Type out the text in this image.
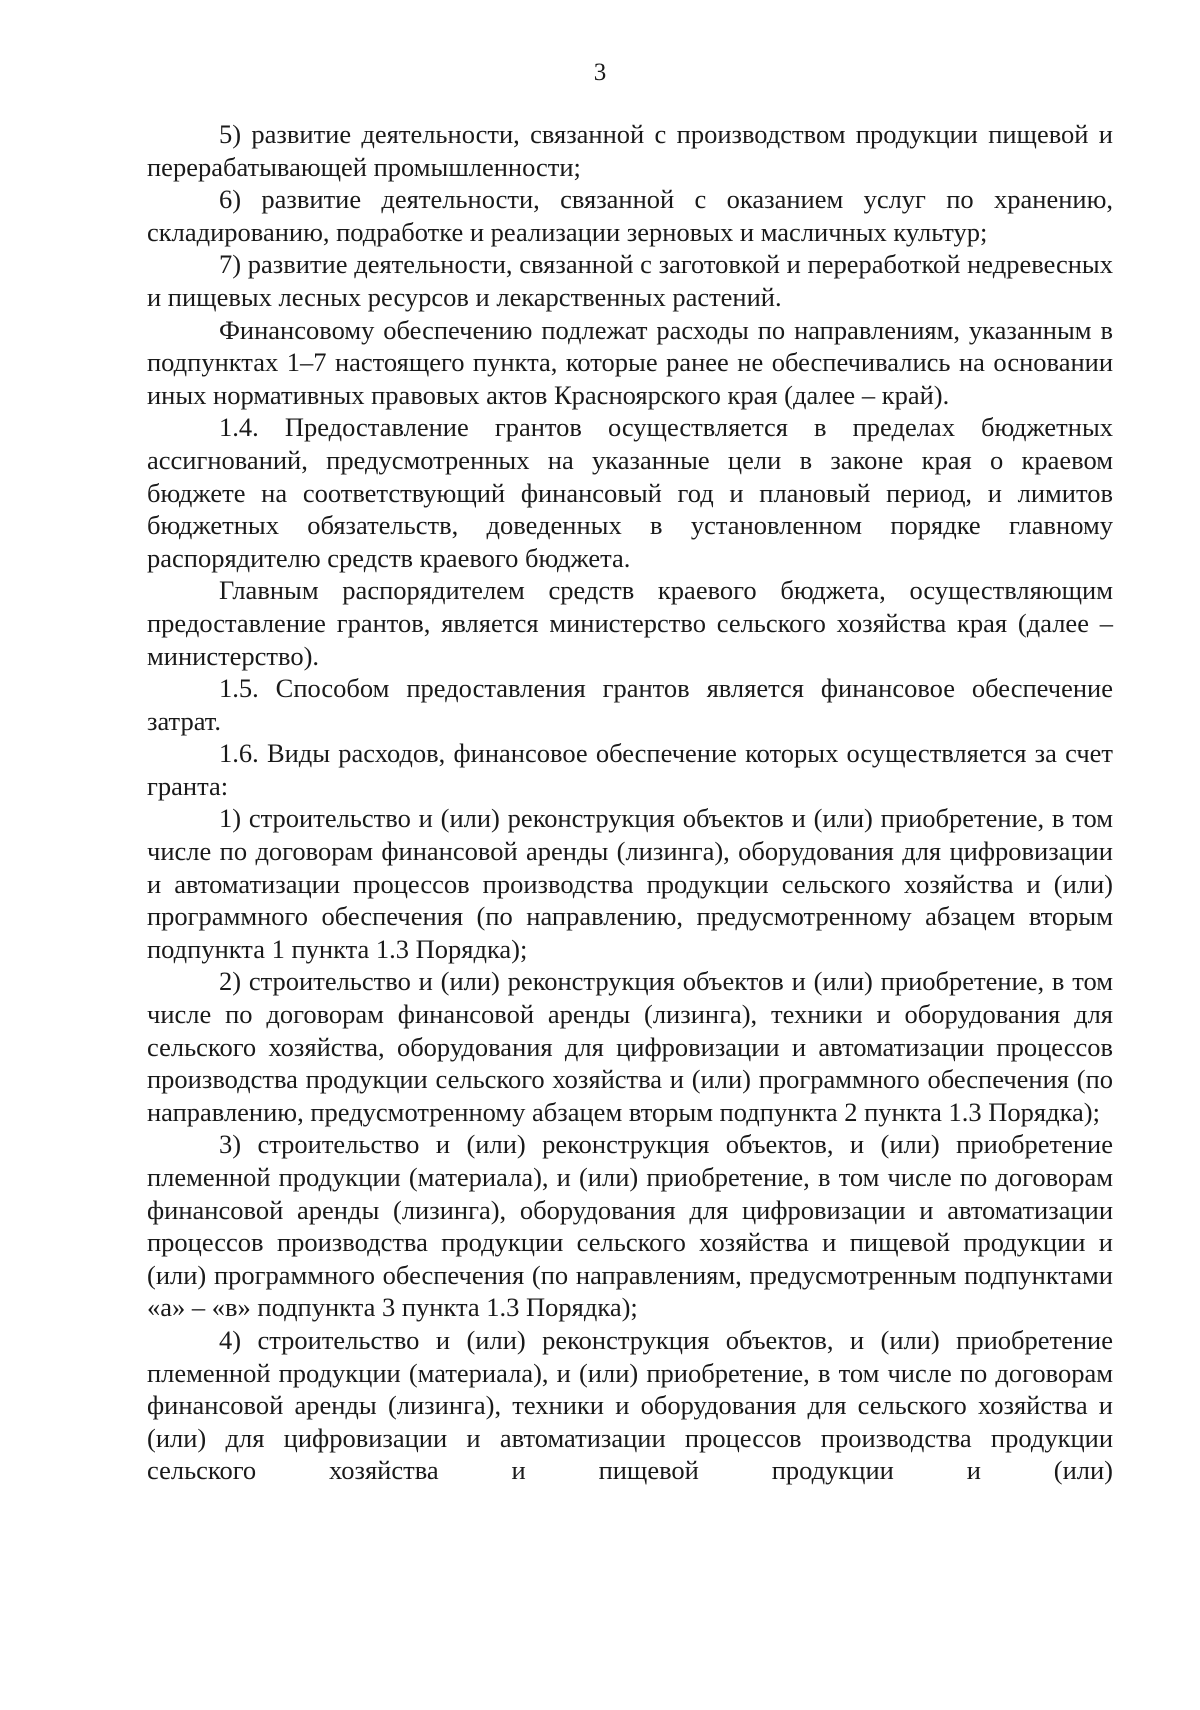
3

5) развитие деятельности, связанной с производством продукции пищевой и перерабатывающей промышленности;

6) развитие деятельности, связанной с оказанием услуг по хранению, складированию, подработке и реализации зерновых и масличных культур;

7) развитие деятельности, связанной с заготовкой и переработкой недревесных и пищевых лесных ресурсов и лекарственных растений.

Финансовому обеспечению подлежат расходы по направлениям, указанным в подпунктах 1–7 настоящего пункта, которые ранее не обеспечивались на основании иных нормативных правовых актов Красноярского края (далее – край).

1.4. Предоставление грантов осуществляется в пределах бюджетных ассигнований, предусмотренных на указанные цели в законе края о краевом бюджете на соответствующий финансовый год и плановый период, и лимитов бюджетных обязательств, доведенных в установленном порядке главному распорядителю средств краевого бюджета.

Главным распорядителем средств краевого бюджета, осуществляющим предоставление грантов, является министерство сельского хозяйства края (далее – министерство).

1.5. Способом предоставления грантов является финансовое обеспечение затрат.

1.6. Виды расходов, финансовое обеспечение которых осуществляется за счет гранта:

1) строительство и (или) реконструкция объектов и (или) приобретение, в том числе по договорам финансовой аренды (лизинга), оборудования для цифровизации и автоматизации процессов производства продукции сельского хозяйства и (или) программного обеспечения (по направлению, предусмотренному абзацем вторым подпункта 1 пункта 1.3 Порядка);

2) строительство и (или) реконструкция объектов и (или) приобретение, в том числе по договорам финансовой аренды (лизинга), техники и оборудования для сельского хозяйства, оборудования для цифровизации и автоматизации процессов производства продукции сельского хозяйства и (или) программного обеспечения (по направлению, предусмотренному абзацем вторым подпункта 2 пункта 1.3 Порядка);

3) строительство и (или) реконструкция объектов, и (или) приобретение племенной продукции (материала), и (или) приобретение, в том числе по договорам финансовой аренды (лизинга), оборудования для цифровизации и автоматизации процессов производства продукции сельского хозяйства и пищевой продукции и (или) программного обеспечения (по направлениям, предусмотренным подпунктами «а» – «в» подпункта 3 пункта 1.3 Порядка);

4) строительство и (или) реконструкция объектов, и (или) приобретение племенной продукции (материала), и (или) приобретение, в том числе по договорам финансовой аренды (лизинга), техники и оборудования для сельского хозяйства и (или) для цифровизации и автоматизации процессов производства продукции сельского хозяйства и пищевой продукции и (или)
